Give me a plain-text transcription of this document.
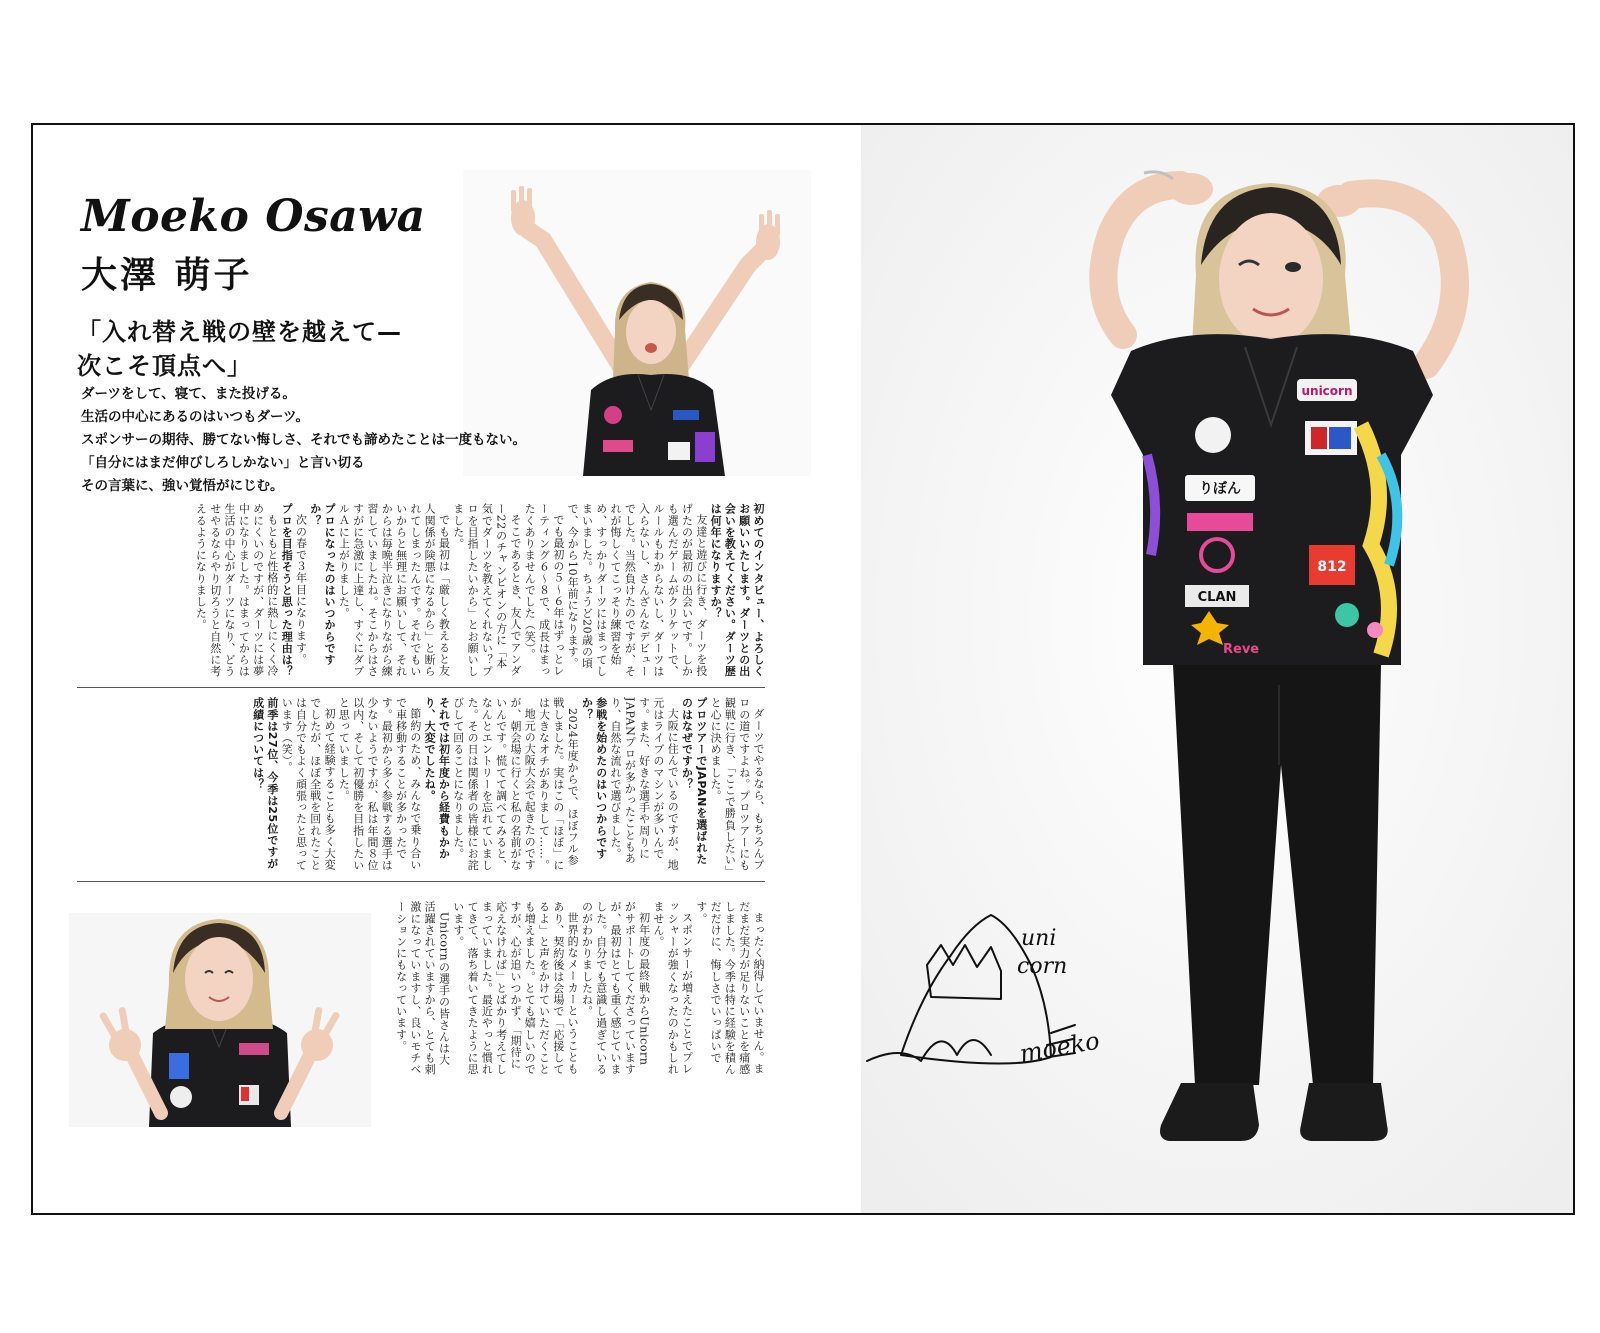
Moeko Osawa
大澤 萌子
「入れ替え戦の壁を越えて—
次こそ頂点へ」
ダーツをして、寝て、また投げる。
生活の中心にあるのはいつもダーツ。
スポンサーの期待、勝てない悔しさ、それでも諦めたことは一度もない。
「自分にはまだ伸びしろしかない」と言い切る
その言葉に、強い覚悟がにじむ。

初めてのインタビュー、よろしくお願いいたします。ダーツとの出会いを教えてください。ダーツ歴は何年になりますか？

友達と遊びに行き、ダーツを投げたのが最初の出会いです。しかも選んだゲームがクリケットで、ルールもわからないし、ダーツは入らないし、さんざんなデビューでした。当然負けたのですが、それが悔しくてこっそり練習を始め、すっかりダーツにはまってしまいました。ちょうど20歳の頃で、今から10年前になります。

でも最初の５〜６年はずっとレーティング６〜８で、成長はまったくありませんでした（笑）。

そこであるとき、友人でアンダー22のチャンピオンの方に「本気でダーツを教えてくれない？プロを目指したいから」とお願いしました。

でも最初は「厳しく教えると友人関係が険悪になるから」と断られてしまったんです。それでもいいからと無理にお願いして、それからは毎晩半泣きになりながら練習していましたね。そこからはさすがに急激に上達し、すぐにダブルＡに上がりました。

プロになったのはいつからですか？

次の春で３年目になります。

プロを目指そうと思った理由は？

もともと性格的に熱しにくく冷めにくいのですが、ダーツには夢中になりました。はまってからは生活の中心がダーツになり、どうせやるならやり切ろうと自然に考えるようになりました。

ダーツでやるなら、もちろんプロの道ですよね。プロツアーにも観戦に行き、「ここで勝負したい」と心に決めました。

プロツアーでJAPANを選ばれたのはなぜですか？

大阪に住んでいるのですが、地元はライブのマシンが多いんです。また、好きな選手や周りにJAPANプロが多かったこともあり、自然な流れで選びました。

参戦を始めたのはいつからですか？

2024年度からで、ほぼフル参戦しました。実はこの「ほぼ」には大きなオチがありまして……。

地元の大阪大会で起きたのですが、朝会場に行くと私の名前がないんです。慌てて調べてみると、なんとエントリーを忘れていました。その日は関係者の皆様にお詫びして回ることになりました。

それでは初年度から経費もかかり、大変でしたね。

節約のため、みんなで乗り合いで車移動することが多かったです。最初から多く参戦する選手は少ないようですが、私は年間８位以内、そして初優勝を目指したいと思っていました。

初めて経験することも多く大変でしたが、ほぼ全戦を回れたことは自分でもよく頑張ったと思っています（笑）。

前季は27位、今季は25位ですが成績については？

まったく納得していません。まだまだ実力が足りないことを痛感しました。今季は特に経験を積んだだけに、悔しさでいっぱいです。

スポンサーが増えたことでプレッシャーが強くなったのかもしれません。

初年度の最終戦からUnicornがサポートしてくださっていますが、最初はとても重く感じていました。自分でも意識し過ぎているのがわかりましたね。

世界的なメーカーということもあり、契約後は会場で「応援してるよ」と声をかけていただくことも増えました。とても嬉しいのですが、心が追いつかず、「期待に応えなければ」とばかり考えてしまっていました。最近やっと慣れてきて、落ち着いてきたように思います。

Unicornの選手の皆さんは大活躍されていますから、とても刺激になっていますし、良いモチベーションにもなっています。

unicorn
りぼん
CLAN
Reve
812
uni
corn
moeko
